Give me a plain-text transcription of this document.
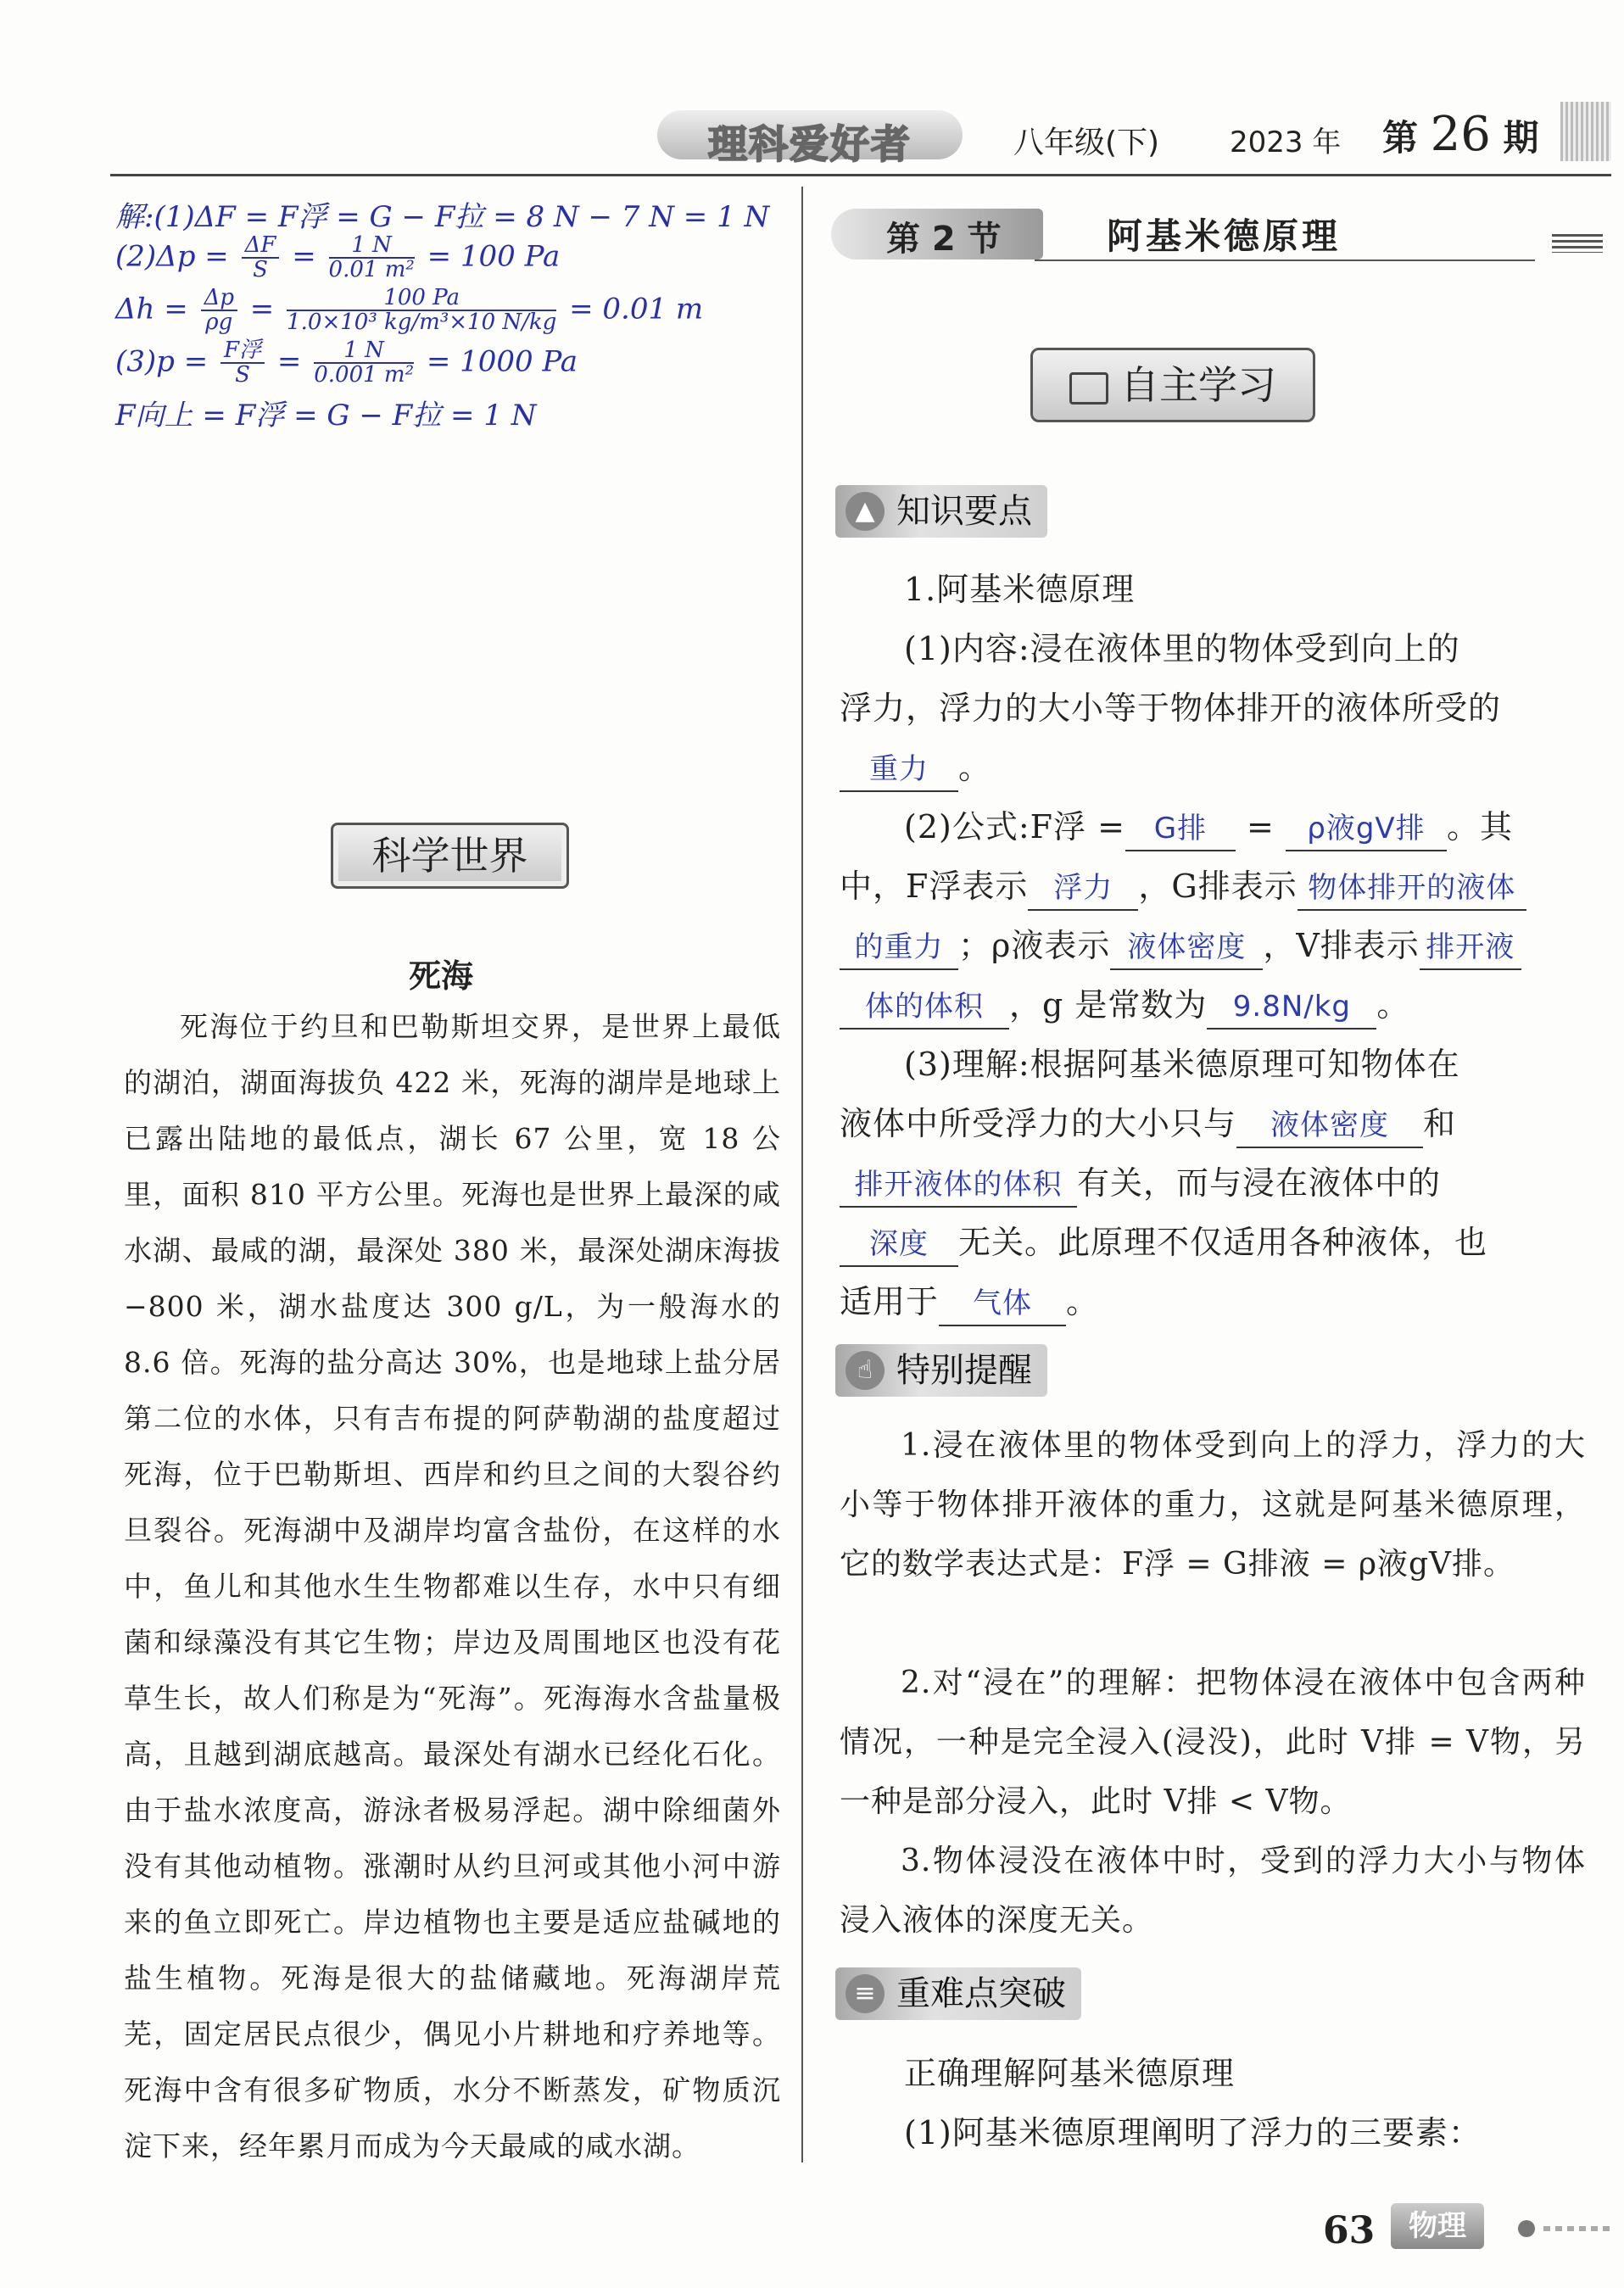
理科爱好者	八年级(下) 2023 年 第 26 期
解:(1)ΔF = F浮 = G − F拉 = 8 N − 7 N = 1 N
$(2)\Delta p = \frac{\Delta F}{S} = \frac{1 N}{\text{0.01 m²}} = 100$ Pa
$\Delta h = \frac{\Delta p}{\rho g} = \frac{100 Pa}{\text{1.0×10³ kg/m³×10 N/kg}} = 0.01$ m
$(3)p = \frac{\text{F浮}}{S} = \frac{1 N}{\text{0.001 m²}} = 1000$ Pa
F向上 = F浮 = G − F拉 = 1 N
科学世界
死海
死海位于约旦和巴勒斯坦交界，是世界上最低的湖泊，湖面海拔负 422 米，死海的湖岸是地球上已露出陆地的最低点，湖长 67 公里，宽 18 公里，面积 810 平方公里。死海也是世界上最深的咸水湖、最咸的湖，最深处 380 米，最深处湖床海拔 −800 米，湖水盐度达 300 g/L，为一般海水的 8.6 倍。死海的盐分高达 30%，也是地球上盐分居第二位的水体，只有吉布提的阿萨勒湖的盐度超过死海，位于巴勒斯坦、西岸和约旦之间的大裂谷约旦裂谷。死海湖中及湖岸均富含盐份，在这样的水中，鱼儿和其他水生生物都难以生存，水中只有细菌和绿藻没有其它生物；岸边及周围地区也没有花草生长，故人们称是为“死海”。死海海水含盐量极高，且越到湖底越高。最深处有湖水已经化石化。由于盐水浓度高，游泳者极易浮起。湖中除细菌外没有其他动植物。涨潮时从约旦河或其他小河中游来的鱼立即死亡。岸边植物也主要是适应盐碱地的盐生植物。死海是很大的盐储藏地。死海湖岸荒芜，固定居民点很少，偶见小片耕地和疗养地等。死海中含有很多矿物质，水分不断蒸发，矿物质沉淀下来，经年累月而成为今天最咸的咸水湖。
第 2 节	阿基米德原理
自主学习
▲ 知识要点
1.阿基米德原理
(1)内容:浸在液体里的物体受到向上的
浮力，浮力的大小等于物体排开的液体所受的
重力 。
(2)公式:F浮 = G排 = ρ液gV排 。其
中，F浮表示 浮力 ，G排表示 物体排开的液体
的重力 ；ρ液表示 液体密度 ，V排表示 排开液
体的体积 ，g 是常数为 9.8N/kg 。
(3)理解:根据阿基米德原理可知物体在
液体中所受浮力的大小只与 液体密度 和
排开液体的体积 有关，而与浸在液体中的
深度 无关。此原理不仅适用各种液体，也
适用于 气体 。
☝ 特别提醒
1.浸在液体里的物体受到向上的浮力，浮力的大小等于物体排开液体的重力，这就是阿基米德原理，它的数学表达式是：F浮 = G排液 = ρ液gV排。
2.对“浸在”的理解：把物体浸在液体中包含两种情况，一种是完全浸入(浸没)，此时 V排 = V物，另一种是部分浸入，此时 V排 < V物。
3.物体浸没在液体中时，受到的浮力大小与物体浸入液体的深度无关。
≡ 重难点突破
正确理解阿基米德原理
(1)阿基米德原理阐明了浮力的三要素：
63	物理
